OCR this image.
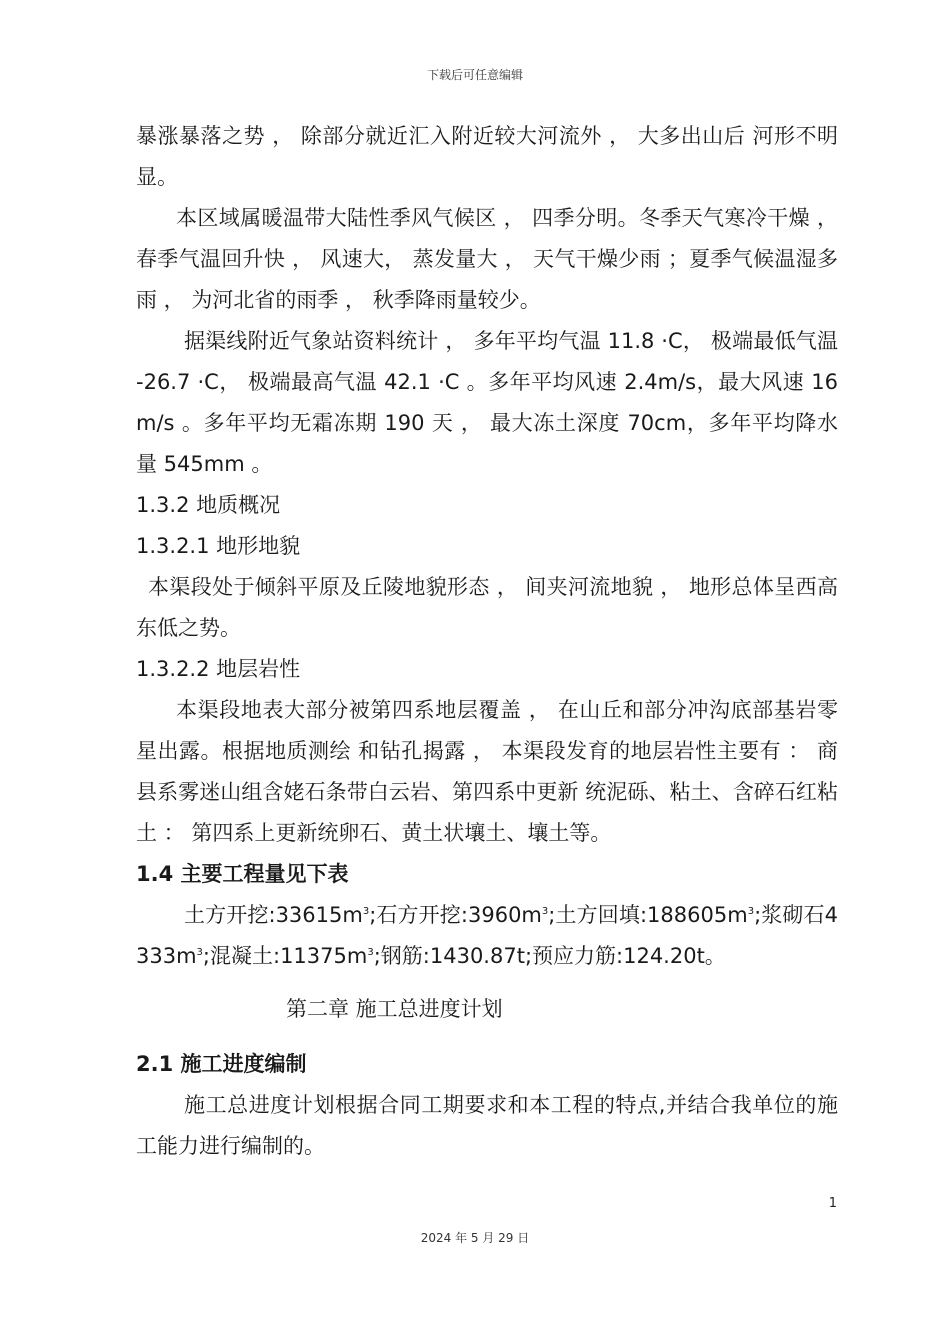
下载后可任意编辑

暴涨暴落之势 ， 除部分就近汇入附近较大河流外 ， 大多出山后 河形不明显。

本区域属暖温带大陆性季风气候区 ， 四季分明。冬季天气寒冷干燥 ， 春季气温回升快 ， 风速大， 蒸发量大 ， 天气干燥少雨 ；夏季气候温湿多雨 ， 为河北省的雨季 ， 秋季降雨量较少。

据渠线附近气象站资料统计 ， 多年平均气温 11.8 ·C， 极端最低气温 -26.7 ·C， 极端最高气温 42.1 ·C 。多年平均风速 2.4m/s，最大风速 16m/s 。多年平均无霜冻期 190 天 ， 最大冻土深度 70cm，多年平均降水量 545mm 。

1.3.2 地质概况

1.3.2.1 地形地貌

本渠段处于倾斜平原及丘陵地貌形态 ， 间夹河流地貌 ， 地形总体呈西高东低之势。

1.3.2.2 地层岩性

本渠段地表大部分被第四系地层覆盖 ， 在山丘和部分冲沟底部基岩零星出露。根据地质测绘 和钻孔揭露 ， 本渠段发育的地层岩性主要有 ： 商县系雾迷山组含姥石条带白云岩、第四系中更新 统泥砾、粘土、含碎石红粘土 ： 第四系上更新统卵石、黄土状壤土、壤土等。

1.4 主要工程量见下表

土方开挖$:33615m^3$;石方开挖$:3960m^3$;土方回填$:188605m^3$;浆砌石$4333m^3$;混凝土$:11375m^3$;钢筋:1430.87t;预应力筋:124.20t。

第二章 施工总进度计划

2.1 施工进度编制

施工总进度计划根据合同工期要求和本工程的特点,并结合我单位的施工能力进行编制的。

1
2024 年 5 月 29 日
